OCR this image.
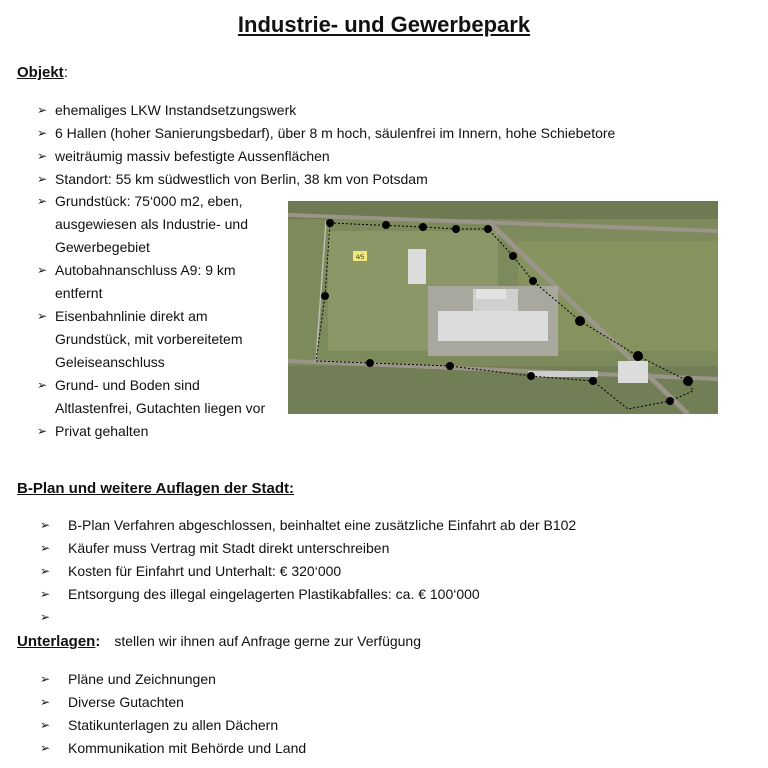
Industrie- und Gewerbepark
Objekt:
➢ ehemaliges LKW Instandsetzungswerk
➢ 6 Hallen (hoher Sanierungsbedarf), über 8 m hoch, säulenfrei im Innern, hohe Schiebetore
➢ weiträumig massiv befestigte Aussenflächen
➢ Standort: 55 km südwestlich von Berlin, 38 km von Potsdam
➢ Grundstück: 75‘000 m2, eben, ausgewiesen als Industrie- und Gewerbegebiet
➢ Autobahnanschluss A9: 9 km entfernt
➢ Eisenbahnlinie direkt am Grundstück, mit vorbereitetem Geleiseanschluss
➢ Grund- und Boden sind Altlastenfrei, Gutachten liegen vor
➢ Privat gehalten
4/5
B-Plan und weitere Auflagen der Stadt:
➢ B-Plan Verfahren abgeschlossen, beinhaltet eine zusätzliche Einfahrt ab der B102
➢ Käufer muss Vertrag mit Stadt direkt unterschreiben
➢ Kosten für Einfahrt und Unterhalt: € 320‘000
➢ Entsorgung des illegal eingelagerten Plastikabfalles: ca. € 100‘000
➢
Unterlagen: stellen wir ihnen auf Anfrage gerne zur Verfügung
➢ Pläne und Zeichnungen
➢ Diverse Gutachten
➢ Statikunterlagen zu allen Dächern
➢ Kommunikation mit Behörde und Land
